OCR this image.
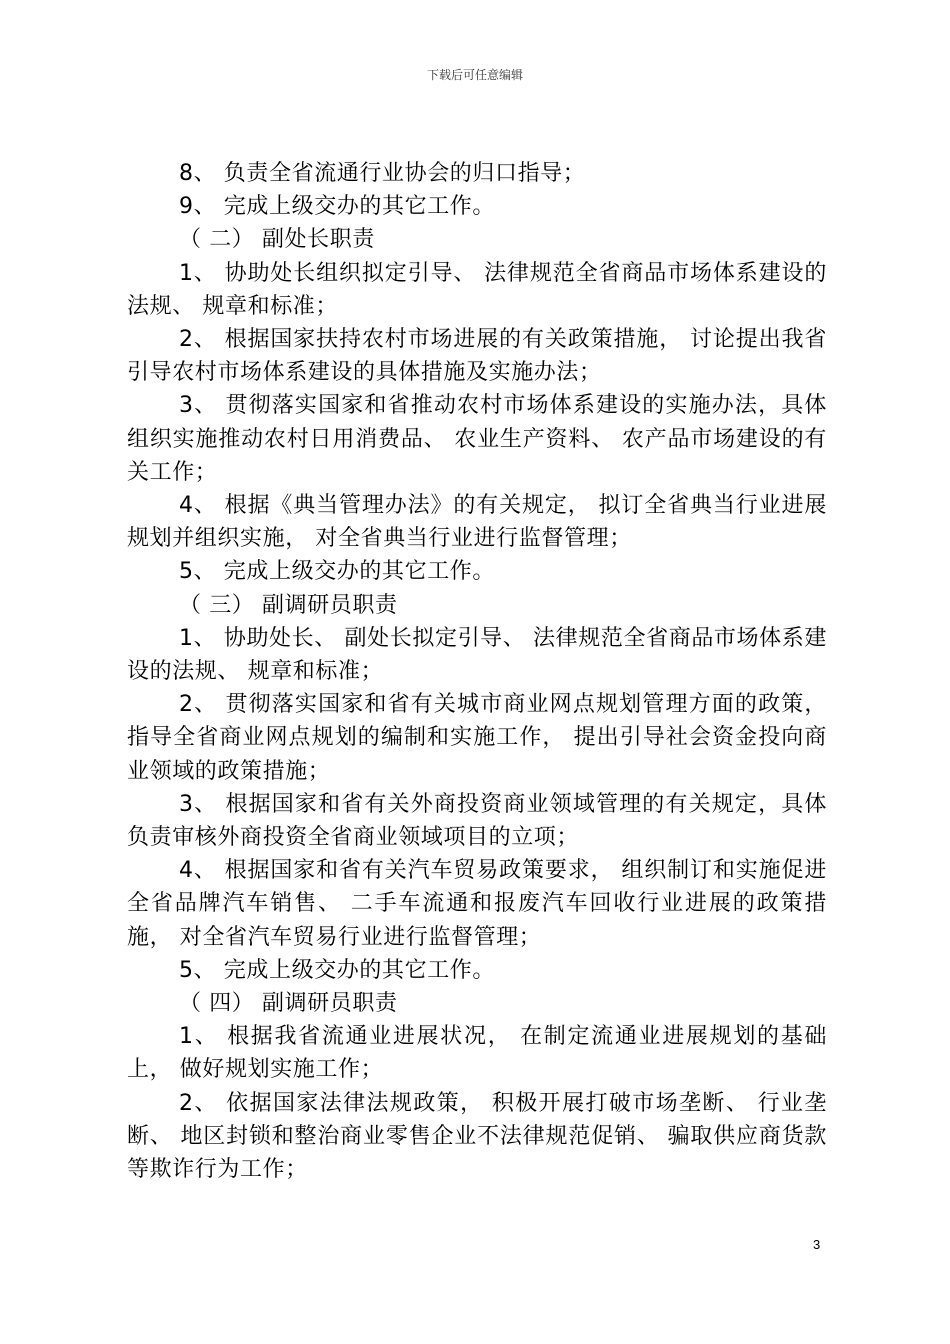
下载后可任意编辑

8、 负责全省流通行业协会的归口指导；

9、 完成上级交办的其它工作。

（ 二） 副处长职责

1、 协助处长组织拟定引导、 法律规范全省商品市场体系建设的法规、 规章和标准；

2、 根据国家扶持农村市场进展的有关政策措施， 讨论提出我省引导农村市场体系建设的具体措施及实施办法；

3、 贯彻落实国家和省推动农村市场体系建设的实施办法，具体组织实施推动农村日用消费品、 农业生产资料、 农产品市场建设的有关工作；

4、 根据《典当管理办法》的有关规定， 拟订全省典当行业进展规划并组织实施， 对全省典当行业进行监督管理；

5、 完成上级交办的其它工作。

（ 三） 副调研员职责

1、 协助处长、 副处长拟定引导、 法律规范全省商品市场体系建设的法规、 规章和标准；

2、 贯彻落实国家和省有关城市商业网点规划管理方面的政策， 指导全省商业网点规划的编制和实施工作， 提出引导社会资金投向商业领域的政策措施；

3、 根据国家和省有关外商投资商业领域管理的有关规定，具体负责审核外商投资全省商业领域项目的立项；

4、 根据国家和省有关汽车贸易政策要求， 组织制订和实施促进全省品牌汽车销售、 二手车流通和报废汽车回收行业进展的政策措施， 对全省汽车贸易行业进行监督管理；

5、 完成上级交办的其它工作。

（ 四） 副调研员职责

1、 根据我省流通业进展状况， 在制定流通业进展规划的基础上， 做好规划实施工作；

2、 依据国家法律法规政策， 积极开展打破市场垄断、 行业垄断、 地区封锁和整治商业零售企业不法律规范促销、 骗取供应商货款等欺诈行为工作；

3
